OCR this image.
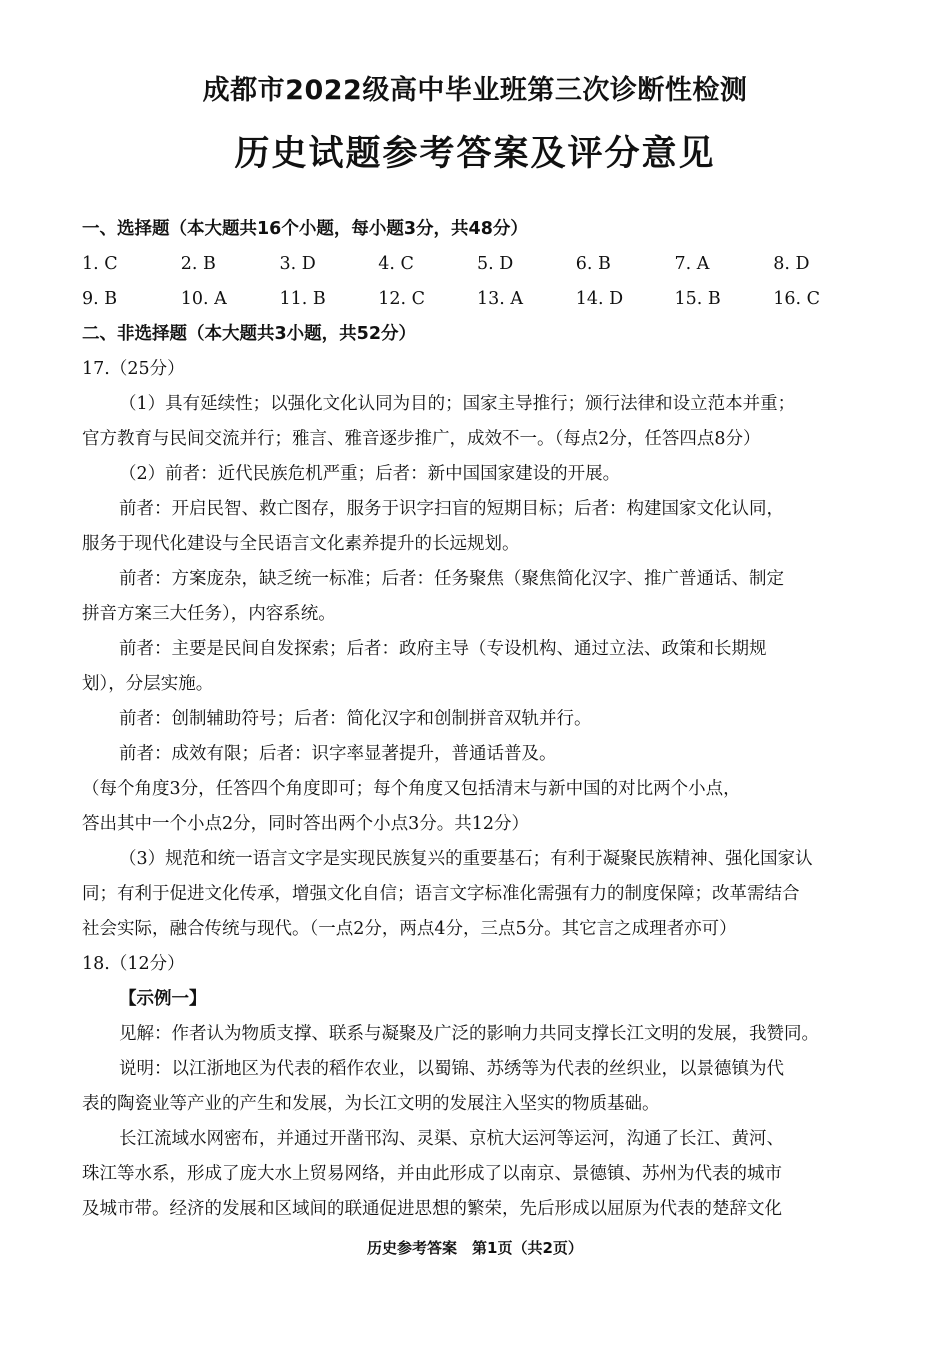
成都市2022级高中毕业班第三次诊断性检测
历史试题参考答案及评分意见
一、选择题（本大题共16个小题，每小题3分，共48分）
1. C	2. B	3. D	4. C	5. D	6. B	7. A	8. D
9. B	10. A	11. B	12. C	13. A	14. D	15. B	16. C
二、非选择题（本大题共3小题，共52分）
17.（25分）
（1）具有延续性；以强化文化认同为目的；国家主导推行；颁行法律和设立范本并重；
官方教育与民间交流并行；雅言、雅音逐步推广，成效不一。（每点2分，任答四点8分）
（2）前者：近代民族危机严重；后者：新中国国家建设的开展。
前者：开启民智、救亡图存，服务于识字扫盲的短期目标；后者：构建国家文化认同，
服务于现代化建设与全民语言文化素养提升的长远规划。
前者：方案庞杂，缺乏统一标准；后者：任务聚焦（聚焦简化汉字、推广普通话、制定
拼音方案三大任务），内容系统。
前者：主要是民间自发探索；后者：政府主导（专设机构、通过立法、政策和长期规
划），分层实施。
前者：创制辅助符号；后者：简化汉字和创制拼音双轨并行。
前者：成效有限；后者：识字率显著提升，普通话普及。
（每个角度3分，任答四个角度即可；每个角度又包括清末与新中国的对比两个小点，
答出其中一个小点2分，同时答出两个小点3分。共12分）
（3）规范和统一语言文字是实现民族复兴的重要基石；有利于凝聚民族精神、强化国家认
同；有利于促进文化传承，增强文化自信；语言文字标准化需强有力的制度保障；改革需结合
社会实际，融合传统与现代。（一点2分，两点4分，三点5分。其它言之成理者亦可）
18.（12分）
【示例一】
见解：作者认为物质支撑、联系与凝聚及广泛的影响力共同支撑长江文明的发展，我赞同。
说明：以江浙地区为代表的稻作农业，以蜀锦、苏绣等为代表的丝织业，以景德镇为代
表的陶瓷业等产业的产生和发展，为长江文明的发展注入坚实的物质基础。
长江流域水网密布，并通过开凿邗沟、灵渠、京杭大运河等运河，沟通了长江、黄河、
珠江等水系，形成了庞大水上贸易网络，并由此形成了以南京、景德镇、苏州为代表的城市
及城市带。经济的发展和区域间的联通促进思想的繁荣，先后形成以屈原为代表的楚辞文化
历史参考答案　第1页（共2页）
